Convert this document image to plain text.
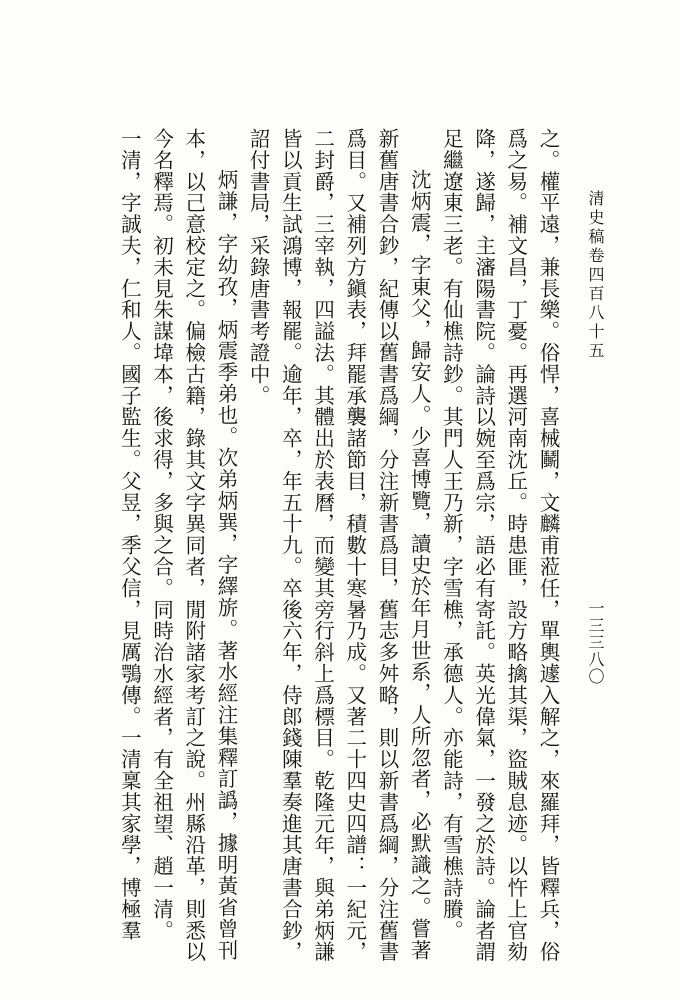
清史稿卷四百八十五
一三三八〇

之。權平遠，兼長樂。俗悍，喜械鬭，文麟甫蒞任，單輿遽入解之，來羅拜，皆釋兵，俗爲之易。補文昌，丁憂。再選河南沈丘。時患匪，設方略擒其渠，盜賊息迹。以忤上官劾降，遂歸，主瀋陽書院。論詩以婉至爲宗，語必有寄託。英光偉氣，一發之於詩。論者謂足繼遼東三老。有仙樵詩鈔。其門人王乃新，字雪樵，承德人。亦能詩，有雪樵詩賸。

沈炳震，字東父，歸安人。少喜博覽，讀史於年月世系，人所忽者，必默識之。嘗著新舊唐書合鈔，紀傳以舊書爲綱，分注新書爲目，舊志多舛略，則以新書爲綱，分注舊書爲目。又補列方鎭表，拜罷承襲諸節目，積數十寒暑乃成。又著二十四史四譜：一紀元，二封爵，三宰執，四謚法。其體出於表曆，而變其旁行斜上爲標目。乾隆元年，與弟炳謙皆以貢生試鴻博，報罷。逾年，卒，年五十九。卒後六年，侍郎錢陳羣奏進其唐書合鈔，詔付書局，采錄唐書考證中。

炳謙，字幼孜，炳震季弟也。次弟炳巽，字繹旂。著水經注集釋訂譌，據明黃省曾刊本，以己意校定之。偏檢古籍，錄其文字異同者，閒附諸家考訂之說。州縣沿革，則悉以今名釋焉。初未見朱謀㙔本，後求得，多與之合。同時治水經者，有全祖望、趙一清。

一清，字誠夫，仁和人。國子監生。父昱，季父信，見厲鶚傳。一清稟其家學，博極羣
